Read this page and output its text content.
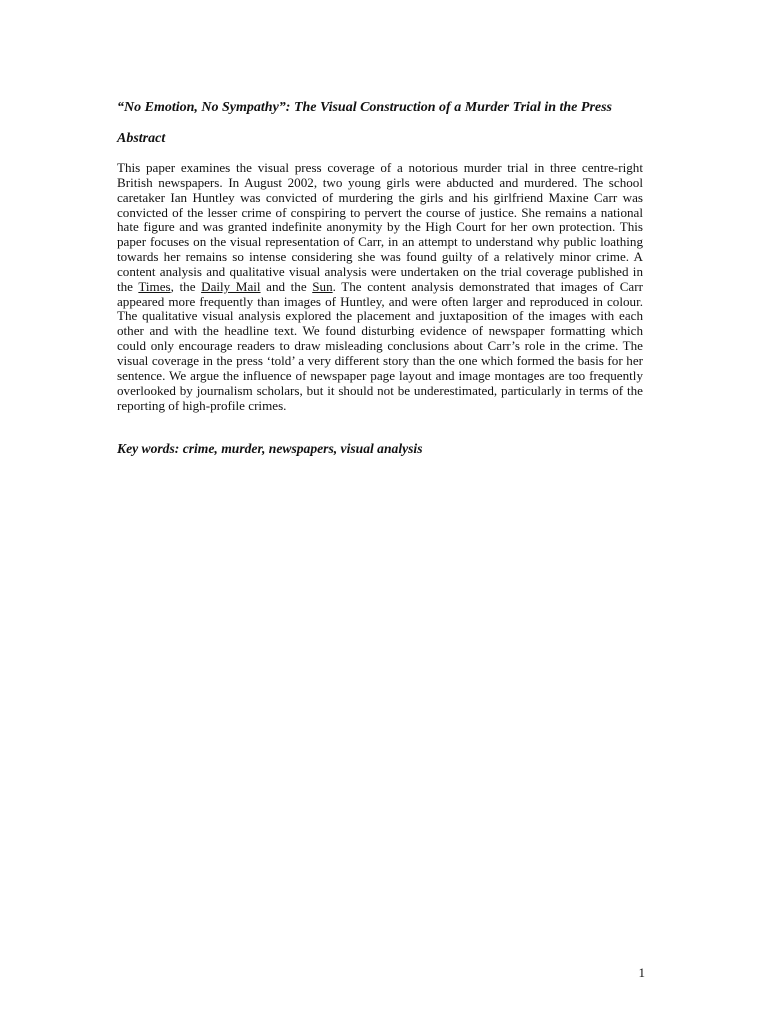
“No Emotion, No Sympathy”: The Visual Construction of a Murder Trial in the Press

Abstract

This paper examines the visual press coverage of a notorious murder trial in three centre-right British newspapers. In August 2002, two young girls were abducted and murdered. The school caretaker Ian Huntley was convicted of murdering the girls and his girlfriend Maxine Carr was convicted of the lesser crime of conspiring to pervert the course of justice. She remains a national hate figure and was granted indefinite anonymity by the High Court for her own protection. This paper focuses on the visual representation of Carr, in an attempt to understand why public loathing towards her remains so intense considering she was found guilty of a relatively minor crime. A content analysis and qualitative visual analysis were undertaken on the trial coverage published in the Times, the Daily Mail and the Sun. The content analysis demonstrated that images of Carr appeared more frequently than images of Huntley, and were often larger and reproduced in colour. The qualitative visual analysis explored the placement and juxtaposition of the images with each other and with the headline text. We found disturbing evidence of newspaper formatting which could only encourage readers to draw misleading conclusions about Carr’s role in the crime. The visual coverage in the press ‘told’ a very different story than the one which formed the basis for her sentence. We argue the influence of newspaper page layout and image montages are too frequently overlooked by journalism scholars, but it should not be underestimated, particularly in terms of the reporting of high-profile crimes.

Key words: crime, murder, newspapers, visual analysis

1
